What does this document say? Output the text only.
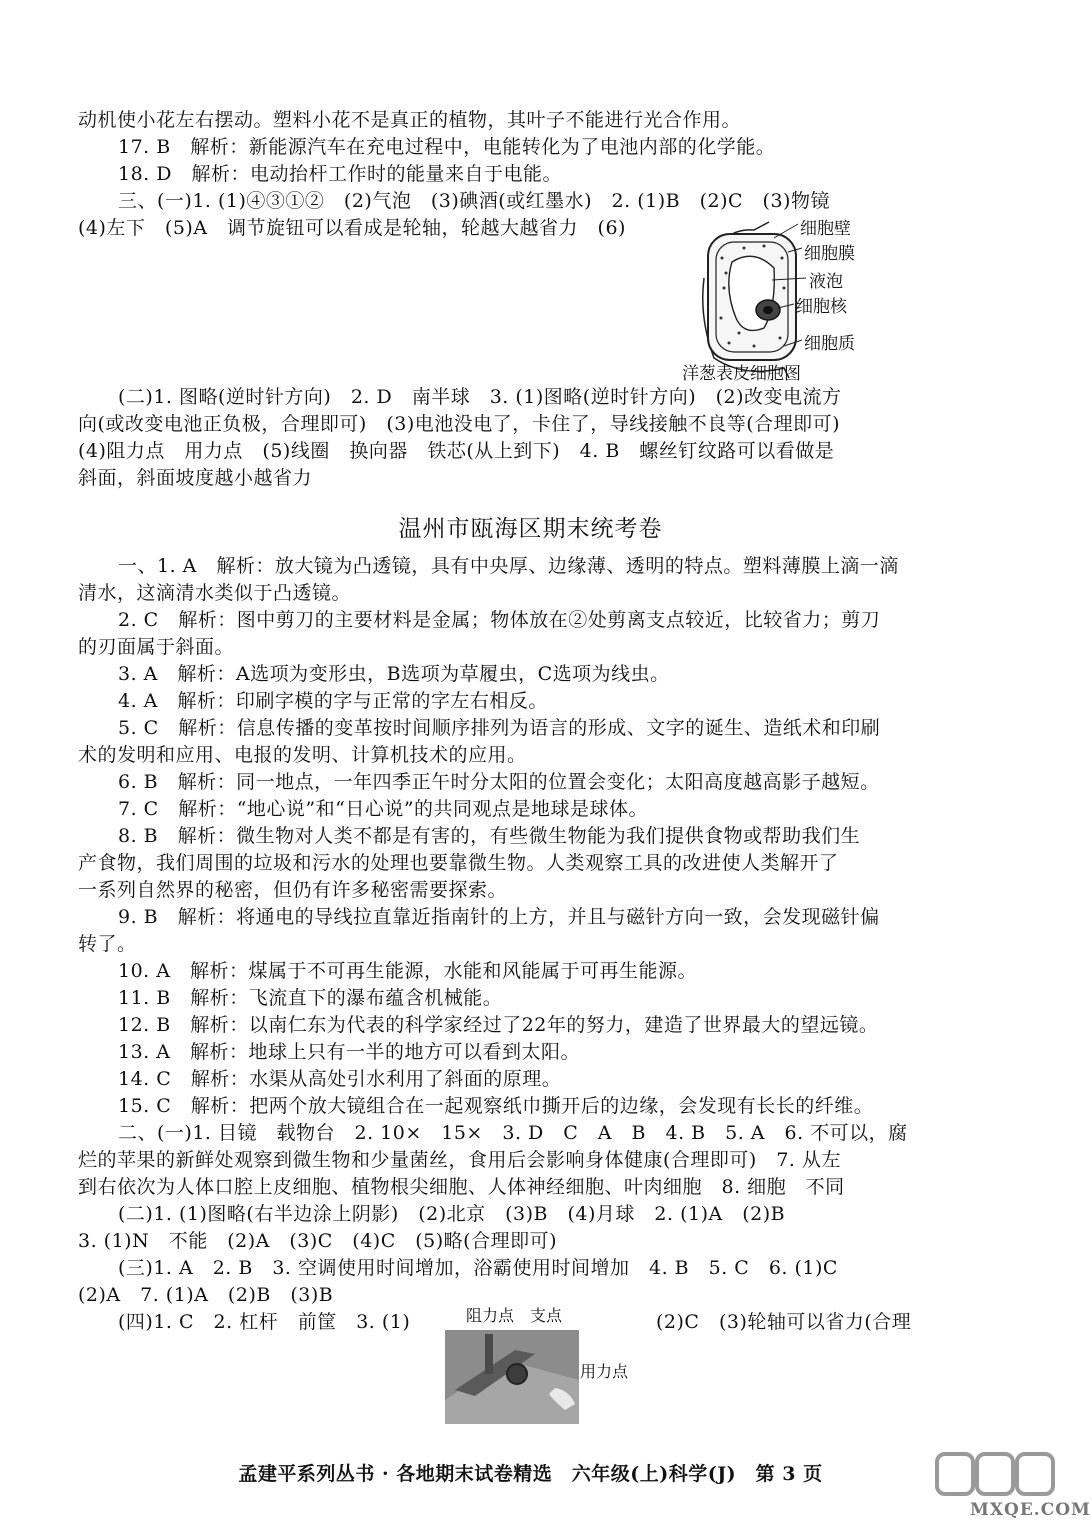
动机使小花左右摆动。塑料小花不是真正的植物，其叶子不能进行光合作用。
17. B　解析：新能源汽车在充电过程中，电能转化为了电池内部的化学能。
18. D　解析：电动抬杆工作时的能量来自于电能。
三、(一)1. (1)④③①②　(2)气泡　(3)碘酒(或红墨水)　2. (1)B　(2)C　(3)物镜
(4)左下　(5)A　调节旋钮可以看成是轮轴，轮越大越省力　(6)	细胞壁
细胞膜
液泡
细胞核
细胞质
洋葱表皮细胞图
(二)1. 图略(逆时针方向)　2. D　南半球　3. (1)图略(逆时针方向)　(2)改变电流方
向(或改变电池正负极，合理即可)　(3)电池没电了，卡住了，导线接触不良等(合理即可)
(4)阻力点　用力点　(5)线圈　换向器　铁芯(从上到下)　4. B　螺丝钉纹路可以看做是
斜面，斜面坡度越小越省力
温州市瓯海区期末统考卷
一、1. A　解析：放大镜为凸透镜，具有中央厚、边缘薄、透明的特点。塑料薄膜上滴一滴
清水，这滴清水类似于凸透镜。
2. C　解析：图中剪刀的主要材料是金属；物体放在②处剪离支点较近，比较省力；剪刀
的刃面属于斜面。
3. A　解析：A选项为变形虫，B选项为草履虫，C选项为线虫。
4. A　解析：印刷字模的字与正常的字左右相反。
5. C　解析：信息传播的变革按时间顺序排列为语言的形成、文字的诞生、造纸术和印刷
术的发明和应用、电报的发明、计算机技术的应用。
6. B　解析：同一地点，一年四季正午时分太阳的位置会变化；太阳高度越高影子越短。
7. C　解析：“地心说”和“日心说”的共同观点是地球是球体。
8. B　解析：微生物对人类不都是有害的，有些微生物能为我们提供食物或帮助我们生
产食物，我们周围的垃圾和污水的处理也要靠微生物。人类观察工具的改进使人类解开了
一系列自然界的秘密，但仍有许多秘密需要探索。
9. B　解析：将通电的导线拉直靠近指南针的上方，并且与磁针方向一致，会发现磁针偏
转了。
10. A　解析：煤属于不可再生能源，水能和风能属于可再生能源。
11. B　解析：飞流直下的瀑布蕴含机械能。
12. B　解析：以南仁东为代表的科学家经过了22年的努力，建造了世界最大的望远镜。
13. A　解析：地球上只有一半的地方可以看到太阳。
14. C　解析：水渠从高处引水利用了斜面的原理。
15. C　解析：把两个放大镜组合在一起观察纸巾撕开后的边缘，会发现有长长的纤维。
二、(一)1. 目镜　载物台　2. 10×　15×　3. D　C　A　B　4. B　5. A　6. 不可以，腐
烂的苹果的新鲜处观察到微生物和少量菌丝，食用后会影响身体健康(合理即可)　7. 从左
到右依次为人体口腔上皮细胞、植物根尖细胞、人体神经细胞、叶肉细胞　8. 细胞　不同
(二)1. (1)图略(右半边涂上阴影)　(2)北京　(3)B　(4)月球　2. (1)A　(2)B
3. (1)N　不能　(2)A　(3)C　(4)C　(5)略(合理即可)
(三)1. A　2. B　3. 空调使用时间增加，浴霸使用时间增加　4. B　5. C　6. (1)C
(2)A　7. (1)A　(2)B　(3)B
(四)1. C　2. 杠杆　前筐　3. (1)	(2)C　(3)轮轴可以省力(合理
阻力点 支点
用力点
孟建平系列丛书 · 各地期末试卷精选　六年级(上)科学(J)　第 3 页
MXQE.COM
